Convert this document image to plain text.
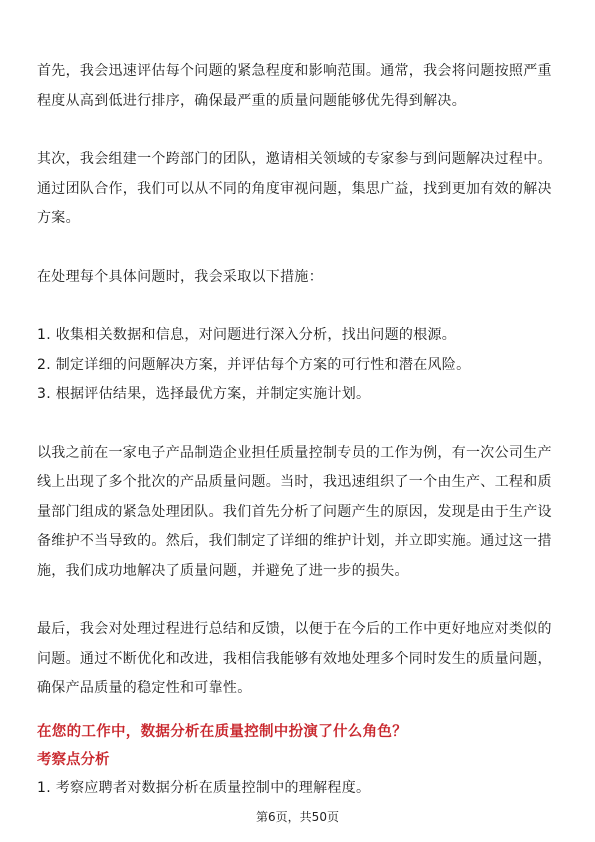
首先，我会迅速评估每个问题的紧急程度和影响范围。通常，我会将问题按照严重

程度从高到低进行排序，确保最严重的质量问题能够优先得到解决。

其次，我会组建一个跨部门的团队，邀请相关领域的专家参与到问题解决过程中。

通过团队合作，我们可以从不同的角度审视问题，集思广益，找到更加有效的解决

方案。

在处理每个具体问题时，我会采取以下措施：

1. 收集相关数据和信息，对问题进行深入分析，找出问题的根源。

2. 制定详细的问题解决方案，并评估每个方案的可行性和潜在风险。

3. 根据评估结果，选择最优方案，并制定实施计划。

以我之前在一家电子产品制造企业担任质量控制专员的工作为例，有一次公司生产

线上出现了多个批次的产品质量问题。当时，我迅速组织了一个由生产、工程和质

量部门组成的紧急处理团队。我们首先分析了问题产生的原因，发现是由于生产设

备维护不当导致的。然后，我们制定了详细的维护计划，并立即实施。通过这一措

施，我们成功地解决了质量问题，并避免了进一步的损失。

最后，我会对处理过程进行总结和反馈，以便于在今后的工作中更好地应对类似的

问题。通过不断优化和改进，我相信我能够有效地处理多个同时发生的质量问题，

确保产品质量的稳定性和可靠性。

在您的工作中，数据分析在质量控制中扮演了什么角色？

考察点分析

1. 考察应聘者对数据分析在质量控制中的理解程度。

第6页，共50页
